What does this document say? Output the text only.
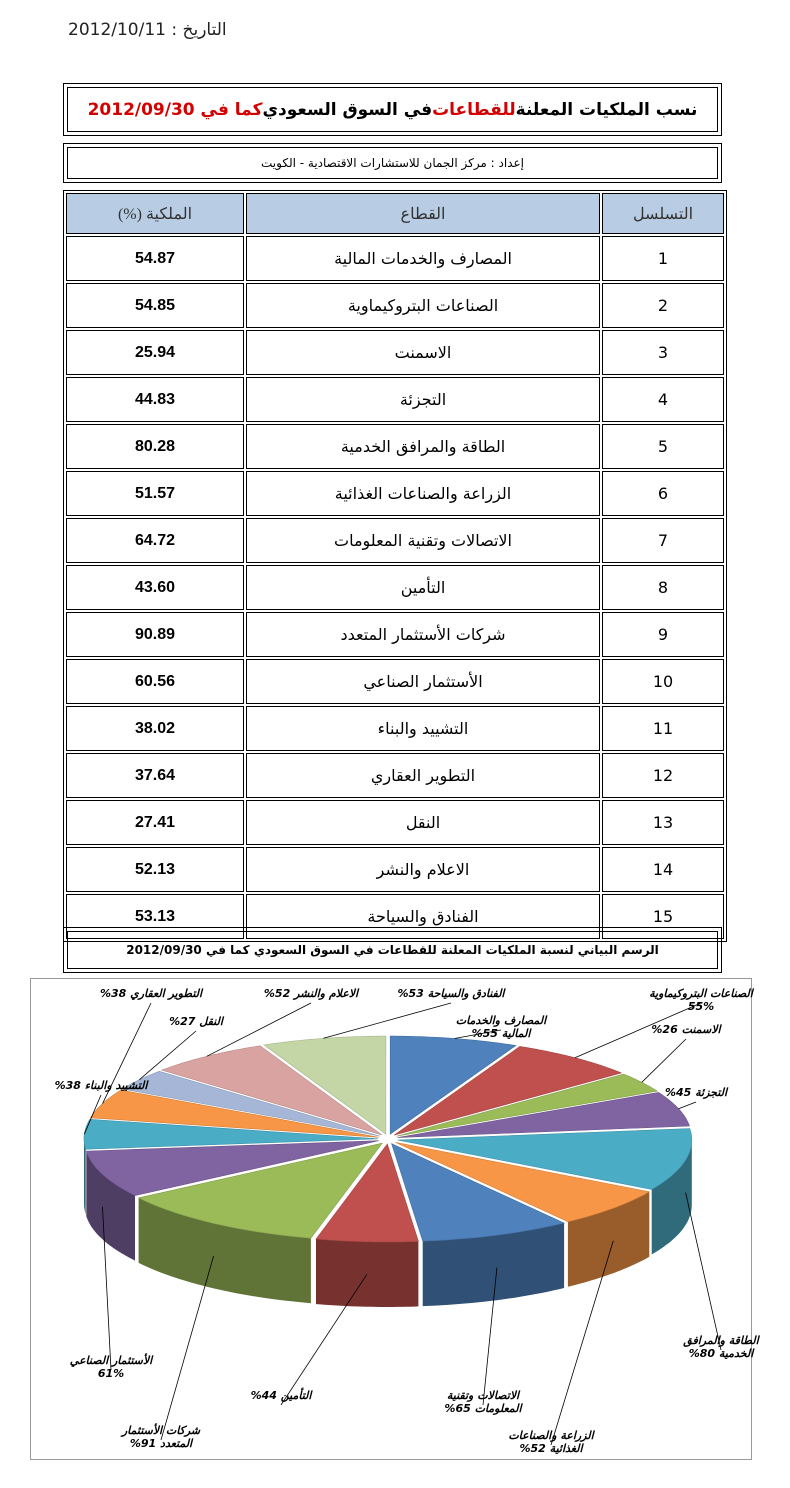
التاريخ : 2012/10/11
نسب الملكيات المعلنة
للقطاعات
في السوق السعودي
كما في 2012/09/30
إعداد : مركز الجمان للاستشارات الاقتصادية - الكويت
التسلسل	القطاع	الملكية (%)
1	المصارف والخدمات المالية	54.87
2	الصناعات البتروكيماوية	54.85
3	الاسمنت	25.94
4	التجزئة	44.83
5	الطاقة والمرافق الخدمية	80.28
6	الزراعة والصناعات الغذائية	51.57
7	الاتصالات وتقنية المعلومات	64.72
8	التأمين	43.60
9	شركات الأستثمار المتعدد	90.89
10	الأستثمار الصناعي	60.56
11	التشييد والبناء	38.02
12	التطوير العقاري	37.64
13	النقل	27.41
14	الاعلام والنشر	52.13
15	الفنادق والسياحة	53.13
الرسم البياني لنسبة الملكيات المعلنة للقطاعات في السوق السعودي كما في 2012/09/30
المصارف والخدمات
المالية 55%
الصناعات البتروكيماوية
55%
الاسمنت 26%
التجزئة 45%
الطاقة والمرافق
الخدمية 80%
الزراعة والصناعات
الغذائية 52%
الاتصالات وتقنية
المعلومات 65%
التأمين 44%
شركات الأستثمار
المتعدد 91%
الأستثمار الصناعي
61%
التشييد والبناء 38%
التطوير العقاري 38%
النقل 27%
الاعلام والنشر 52%	الفنادق والسياحة 53%
